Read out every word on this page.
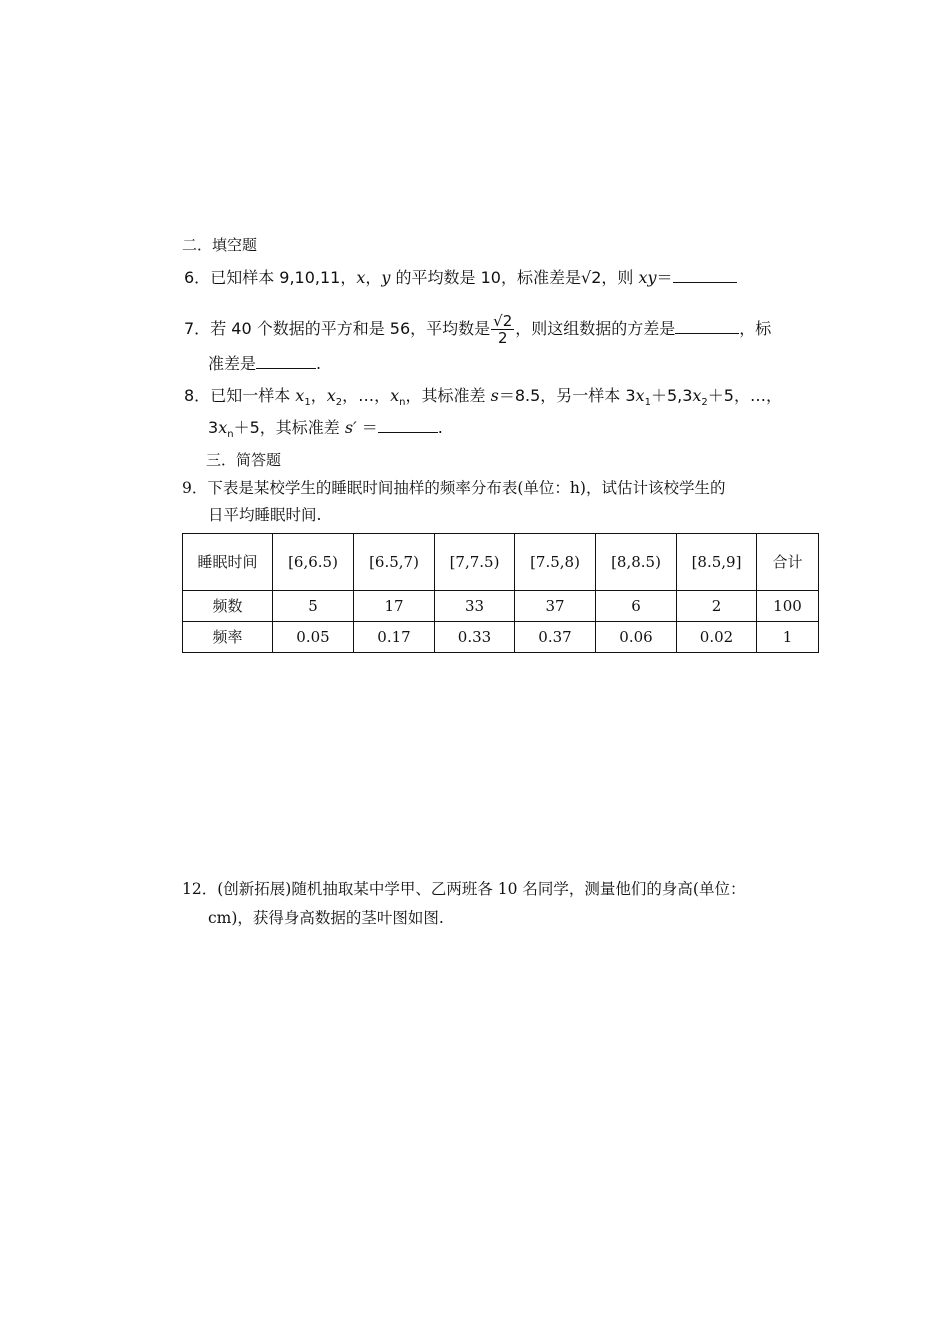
二．填空题
6．已知样本 9,10,11，x，y 的平均数是 10，标准差是√2，则 xy＝
7．若 40 个数据的平方和是 56，平均数是 $\frac{√2}{2}$ ，则这组数据的方差是	，标
准差是	.
8．已知一样本 $x_1$，$x_2$，…，$x_n$，其标准差 s＝8.5，另一样本 $3x_1+5,3x_2+5$，…，
$3x_n+5$，其标准差 s′ ＝	.
三．简答题
9．下表是某校学生的睡眠时间抽样的频率分布表(单位：h)，试估计该校学生的
日平均睡眠时间.
睡眠时间	[6,6.5)	[6.5,7)	[7,7.5)	[7.5,8)	[8,8.5)	[8.5,9]	合计
频数	5	17	33	37	6	2	100
频率	0.05	0.17	0.33	0.37	0.06	0.02	1
12．(创新拓展)随机抽取某中学甲、乙两班各 10 名同学，测量他们的身高(单位：
cm)，获得身高数据的茎叶图如图.
